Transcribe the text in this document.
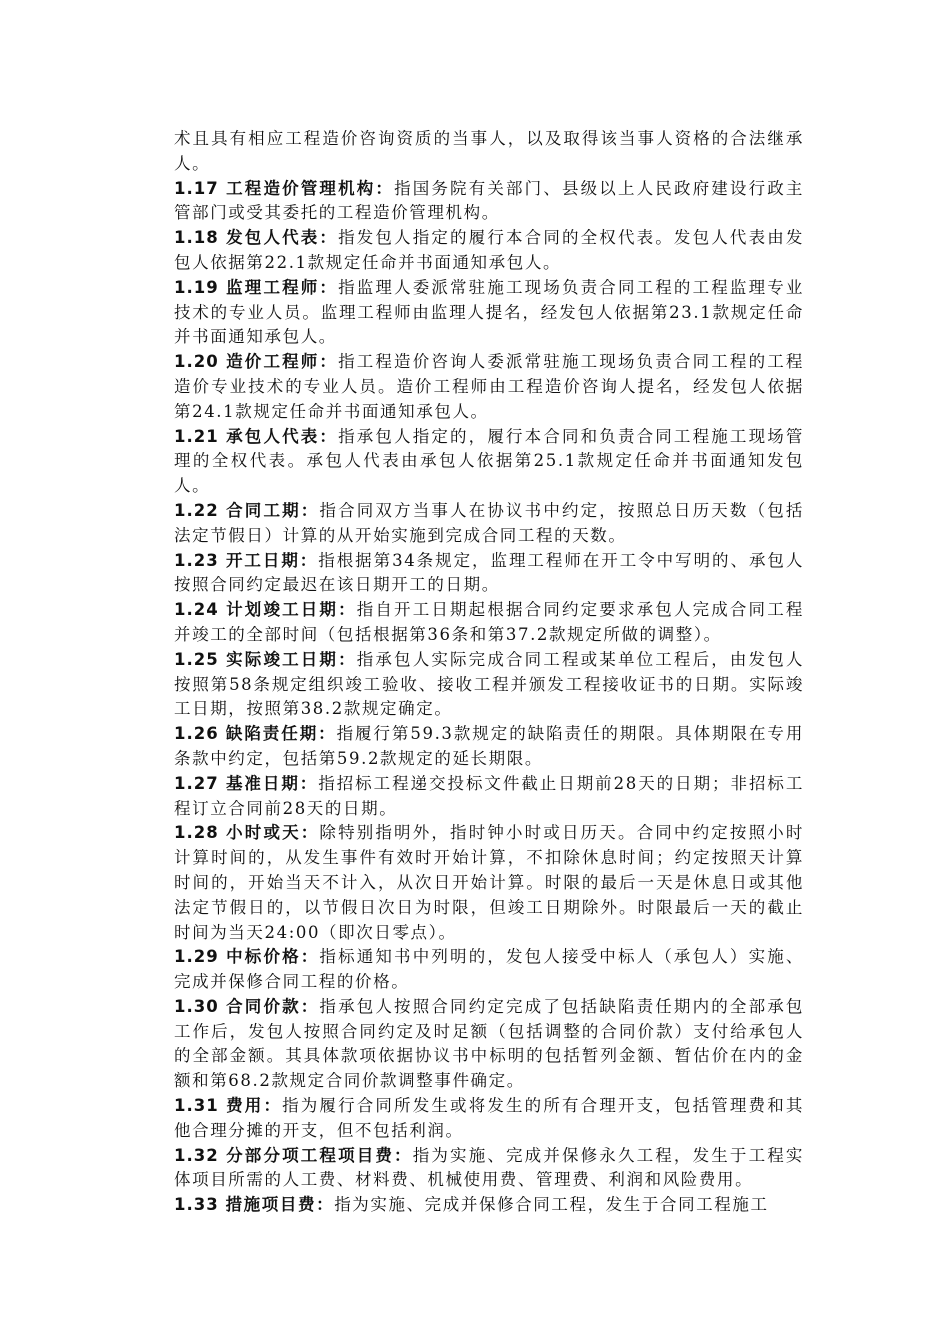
术且具有相应工程造价咨询资质的当事人，以及取得该当事人资格的合法继承人。

1.17 工程造价管理机构：指国务院有关部门、县级以上人民政府建设行政主管部门或受其委托的工程造价管理机构。

1.18 发包人代表：指发包人指定的履行本合同的全权代表。发包人代表由发包人依据第22.1款规定任命并书面通知承包人。

1.19 监理工程师：指监理人委派常驻施工现场负责合同工程的工程监理专业技术的专业人员。监理工程师由监理人提名，经发包人依据第23.1款规定任命并书面通知承包人。

1.20 造价工程师：指工程造价咨询人委派常驻施工现场负责合同工程的工程造价专业技术的专业人员。造价工程师由工程造价咨询人提名，经发包人依据第24.1款规定任命并书面通知承包人。

1.21 承包人代表：指承包人指定的，履行本合同和负责合同工程施工现场管理的全权代表。承包人代表由承包人依据第25.1款规定任命并书面通知发包人。

1.22 合同工期：指合同双方当事人在协议书中约定，按照总日历天数（包括法定节假日）计算的从开始实施到完成合同工程的天数。

1.23 开工日期：指根据第34条规定，监理工程师在开工令中写明的、承包人按照合同约定最迟在该日期开工的日期。

1.24 计划竣工日期：指自开工日期起根据合同约定要求承包人完成合同工程并竣工的全部时间（包括根据第36条和第37.2款规定所做的调整）。

1.25 实际竣工日期：指承包人实际完成合同工程或某单位工程后，由发包人按照第58条规定组织竣工验收、接收工程并颁发工程接收证书的日期。实际竣工日期，按照第38.2款规定确定。

1.26 缺陷责任期：指履行第59.3款规定的缺陷责任的期限。具体期限在专用条款中约定，包括第59.2款规定的延长期限。

1.27 基准日期：指招标工程递交投标文件截止日期前28天的日期；非招标工程订立合同前28天的日期。

1.28 小时或天：除特别指明外，指时钟小时或日历天。合同中约定按照小时计算时间的，从发生事件有效时开始计算，不扣除休息时间；约定按照天计算时间的，开始当天不计入，从次日开始计算。时限的最后一天是休息日或其他法定节假日的，以节假日次日为时限，但竣工日期除外。时限最后一天的截止时间为当天24:00（即次日零点）。

1.29 中标价格：指标通知书中列明的，发包人接受中标人（承包人）实施、完成并保修合同工程的价格。

1.30 合同价款：指承包人按照合同约定完成了包括缺陷责任期内的全部承包工作后，发包人按照合同约定及时足额（包括调整的合同价款）支付给承包人的全部金额。其具体款项依据协议书中标明的包括暂列金额、暂估价在内的金额和第68.2款规定合同价款调整事件确定。

1.31 费用：指为履行合同所发生或将发生的所有合理开支，包括管理费和其他合理分摊的开支，但不包括利润。

1.32 分部分项工程项目费：指为实施、完成并保修永久工程，发生于工程实体项目所需的人工费、材料费、机械使用费、管理费、利润和风险费用。

1.33 措施项目费：指为实施、完成并保修合同工程，发生于合同工程施工
